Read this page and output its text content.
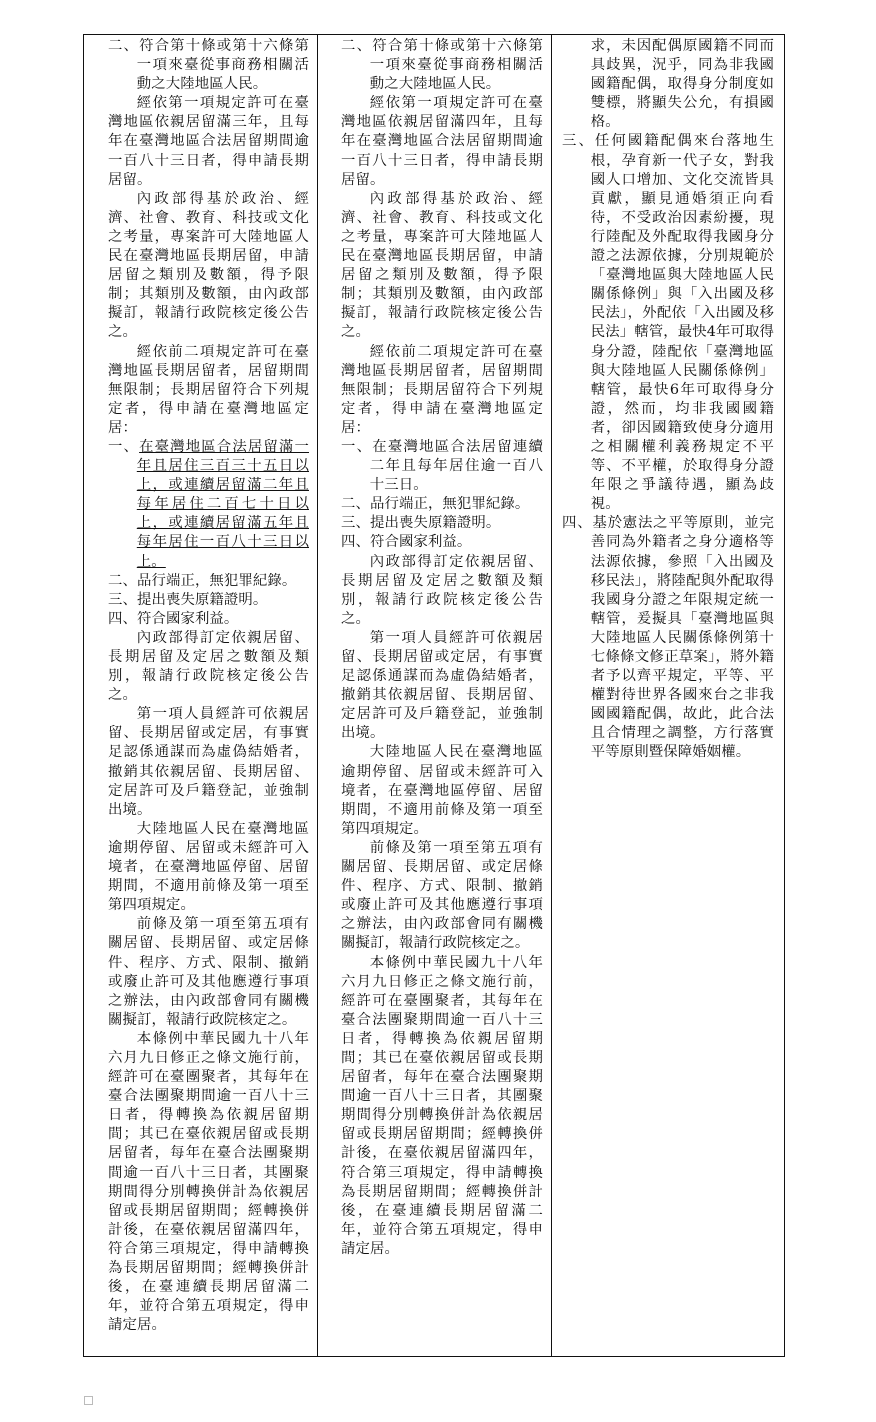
二、符合第十條或第十六條第一項來臺從事商務相關活動之大陸地區人民。

經依第一項規定許可在臺灣地區依親居留滿三年，且每年在臺灣地區合法居留期間逾一百八十三日者，得申請長期居留。

內政部得基於政治、經濟、社會、教育、科技或文化之考量，專案許可大陸地區人民在臺灣地區長期居留，申請居留之類別及數額，得予限制；其類別及數額，由內政部擬訂，報請行政院核定後公告之。

經依前二項規定許可在臺灣地區長期居留者，居留期間無限制；長期居留符合下列規定者，得申請在臺灣地區定居：

一、在臺灣地區合法居留滿一年且居住三百三十五日以上，或連續居留滿二年且每年居住二百七十日以上，或連續居留滿五年且每年居住一百八十三日以上。

二、品行端正，無犯罪紀錄。

三、提出喪失原籍證明。

四、符合國家利益。

內政部得訂定依親居留、長期居留及定居之數額及類別，報請行政院核定後公告之。

第一項人員經許可依親居留、長期居留或定居，有事實足認係通謀而為虛偽結婚者，撤銷其依親居留、長期居留、定居許可及戶籍登記，並強制出境。

大陸地區人民在臺灣地區逾期停留、居留或未經許可入境者，在臺灣地區停留、居留期間，不適用前條及第一項至第四項規定。

前條及第一項至第五項有關居留、長期居留、或定居條件、程序、方式、限制、撤銷或廢止許可及其他應遵行事項之辦法，由內政部會同有關機關擬訂，報請行政院核定之。

本條例中華民國九十八年六月九日修正之條文施行前，經許可在臺團聚者，其每年在臺合法團聚期間逾一百八十三日者，得轉換為依親居留期間；其已在臺依親居留或長期居留者，每年在臺合法團聚期間逾一百八十三日者，其團聚期間得分別轉換併計為依親居留或長期居留期間；經轉換併計後，在臺依親居留滿四年，符合第三項規定，得申請轉換為長期居留期間；經轉換併計後，在臺連續長期居留滿二年，並符合第五項規定，得申請定居。

二、符合第十條或第十六條第一項來臺從事商務相關活動之大陸地區人民。

經依第一項規定許可在臺灣地區依親居留滿四年，且每年在臺灣地區合法居留期間逾一百八十三日者，得申請長期居留。

內政部得基於政治、經濟、社會、教育、科技或文化之考量，專案許可大陸地區人民在臺灣地區長期居留，申請居留之類別及數額，得予限制；其類別及數額，由內政部擬訂，報請行政院核定後公告之。

經依前二項規定許可在臺灣地區長期居留者，居留期間無限制；長期居留符合下列規定者，得申請在臺灣地區定居：

一、在臺灣地區合法居留連續二年且每年居住逾一百八十三日。

二、品行端正，無犯罪紀錄。

三、提出喪失原籍證明。

四、符合國家利益。

內政部得訂定依親居留、長期居留及定居之數額及類別，報請行政院核定後公告之。

第一項人員經許可依親居留、長期居留或定居，有事實足認係通謀而為虛偽結婚者，撤銷其依親居留、長期居留、定居許可及戶籍登記，並強制出境。

大陸地區人民在臺灣地區逾期停留、居留或未經許可入境者，在臺灣地區停留、居留期間，不適用前條及第一項至第四項規定。

前條及第一項至第五項有關居留、長期居留、或定居條件、程序、方式、限制、撤銷或廢止許可及其他應遵行事項之辦法，由內政部會同有關機關擬訂，報請行政院核定之。

本條例中華民國九十八年六月九日修正之條文施行前，經許可在臺團聚者，其每年在臺合法團聚期間逾一百八十三日者，得轉換為依親居留期間；其已在臺依親居留或長期居留者，每年在臺合法團聚期間逾一百八十三日者，其團聚期間得分別轉換併計為依親居留或長期居留期間；經轉換併計後，在臺依親居留滿四年，符合第三項規定，得申請轉換為長期居留期間；經轉換併計後，在臺連續長期居留滿二年，並符合第五項規定，得申請定居。

求，未因配偶原國籍不同而具歧異，況乎，同為非我國國籍配偶，取得身分制度如雙標，將顯失公允，有損國格。

三、任何國籍配偶來台落地生根，孕育新一代子女，對我國人口增加、文化交流皆具貢獻，顯見通婚須正向看待，不受政治因素紛擾，現行陸配及外配取得我國身分證之法源依據，分別規範於「臺灣地區與大陸地區人民關係條例」與「入出國及移民法」，外配依「入出國及移民法」轄管，最快4年可取得身分證，陸配依「臺灣地區與大陸地區人民關係條例」轄管，最快6年可取得身分證，然而，均非我國國籍者，卻因國籍致使身分適用之相關權利義務規定不平等、不平權，於取得身分證年限之爭議待遇，顯為歧視。

四、基於憲法之平等原則，並完善同為外籍者之身分適格等法源依據，參照「入出國及移民法」，將陸配與外配取得我國身分證之年限規定統一轄管，爰擬具「臺灣地區與大陸地區人民關係條例第十七條條文修正草案」，將外籍者予以齊平規定，平等、平權對待世界各國來台之非我國國籍配偶，故此，此合法且合情理之調整，方行落實平等原則暨保障婚姻權。
